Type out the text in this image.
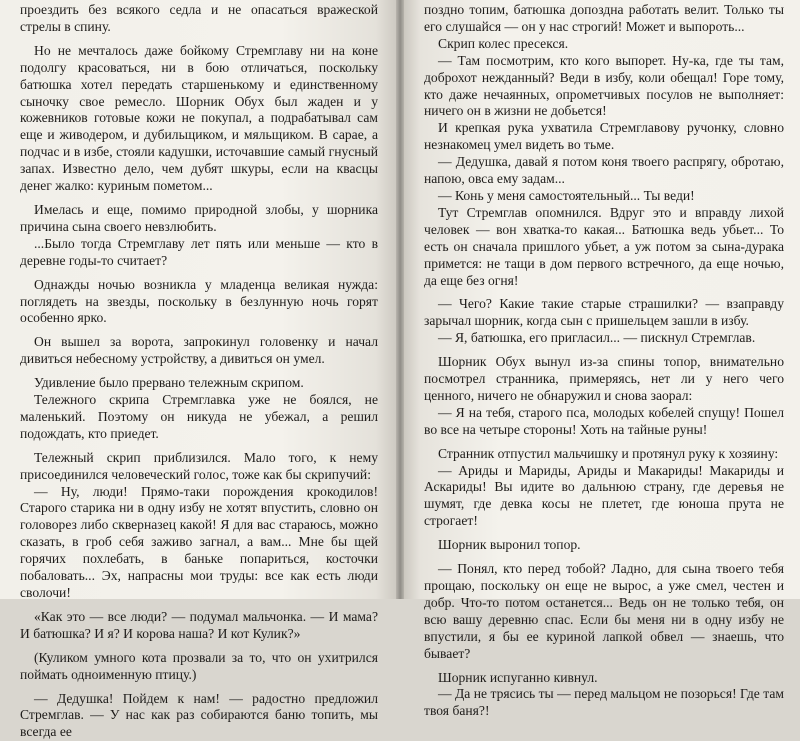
проездить без всякого седла и не опасаться вражеской стрелы в спину.

Но не мечталось даже бойкому Стремглаву ни на коне подолгу красоваться, ни в бою отличаться, поскольку батюшка хотел передать старшенькому и единственному сыночку свое ремесло. Шорник Обух был жаден и у кожевников готовые кожи не покупал, а подрабатывал сам еще и живодером, и дубильщиком, и мяльщиком. В сарае, а подчас и в избе, стояли кадушки, источавшие самый гнусный запах. Известно дело, чем дубят шкуры, если на квасцы денег жалко: куриным пометом...

Имелась и еще, помимо природной злобы, у шорника причина сына своего невзлюбить.

...Было тогда Стремглаву лет пять или меньше — кто в деревне годы-то считает?

Однажды ночью возникла у младенца великая нужда: поглядеть на звезды, поскольку в безлунную ночь горят особенно ярко.

Он вышел за ворота, запрокинул головенку и начал дивиться небесному устройству, а дивиться он умел.

Удивление было прервано тележным скрипом.

Тележного скрипа Стремглавка уже не боялся, не маленький. Поэтому он никуда не убежал, а решил подождать, кто приедет.

Тележный скрип приблизился. Мало того, к нему присоединился человеческий голос, тоже как бы скрипучий:

— Ну, люди! Прямо-таки порождения крокодилов! Старого старика ни в одну избу не хотят впустить, словно он головорез либо скверназец какой! Я для вас стараюсь, можно сказать, в гроб себя заживо загнал, а вам... Мне бы щей горячих похлебать, в баньке попариться, косточки побаловать... Эх, напрасны мои труды: все как есть люди сволочи!

«Как это — все люди? — подумал мальчонка. — И мама? И батюшка? И я? И корова наша? И кот Кулик?»

(Куликом умного кота прозвали за то, что он ухитрился поймать одноименную птицу.)

— Дедушка! Пойдем к нам! — радостно предложил Стремглав. — У нас как раз собираются баню топить, мы всегда ее

поздно топим, батюшка допоздна работать велит. Только ты его слушайся — он у нас строгий! Может и выпороть...

Скрип колес пресекся.

— Там посмотрим, кто кого выпорет. Ну-ка, где ты там, доброхот нежданный? Веди в избу, коли обещал! Горе тому, кто даже нечаянных, опрометчивых посулов не выполняет: ничего он в жизни не добьется!

И крепкая рука ухватила Стремглавову ручонку, словно незнакомец умел видеть во тьме.

— Дедушка, давай я потом коня твоего распрягу, обротаю, напою, овса ему задам...

— Конь у меня самостоятельный... Ты веди!

Тут Стремглав опомнился. Вдруг это и вправду лихой человек — вон хватка-то какая... Батюшка ведь убьет... То есть он сначала пришлого убьет, а уж потом за сына-дурака примется: не тащи в дом первого встречного, да еще ночью, да еще без огня!

— Чего? Какие такие старые страшилки? — взаправду зарычал шорник, когда сын с пришельцем зашли в избу.

— Я, батюшка, его пригласил... — пискнул Стремглав.

Шорник Обух вынул из-за спины топор, внимательно посмотрел странника, примеряясь, нет ли у него чего ценного, ничего не обнаружил и снова заорал:

— Я на тебя, старого пса, молодых кобелей спущу! Пошел во все на четыре стороны! Хоть на тайные руны!

Странник отпустил мальчишку и протянул руку к хозяину:

— Ариды и Мариды, Ариды и Макариды! Макариды и Аскариды! Вы идите во дальнюю страну, где деревья не шумят, где девка косы не плетет, где юноша прута не строгает!

Шорник выронил топор.

— Понял, кто перед тобой? Ладно, для сына твоего тебя прощаю, поскольку он еще не вырос, а уже смел, честен и добр. Что-то потом останется... Ведь он не только тебя, он всю вашу деревню спас. Если бы меня ни в одну избу не впустили, я бы ее куриной лапкой обвел — знаешь, что бывает?

Шорник испуганно кивнул.

— Да не трясись ты — перед мальцом не позорься! Где там твоя баня?!
